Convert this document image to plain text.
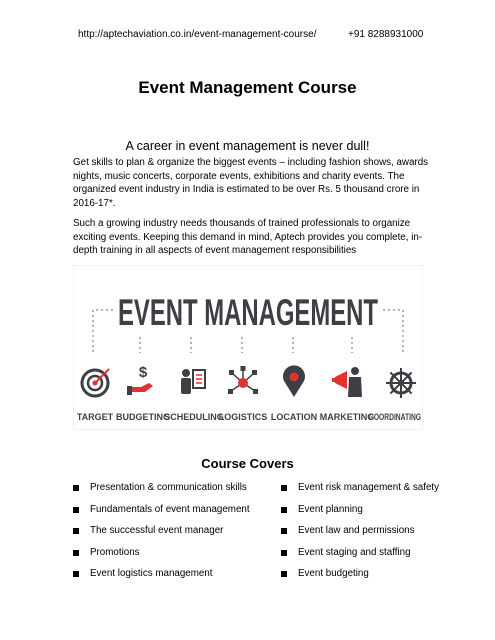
http://aptechaviation.co.in/event-management-course/	+91 8288931000
Event Management Course

A career in event management is never dull!

Get skills to plan & organize the biggest events – including fashion shows, awards nights, music concerts, corporate events, exhibitions and charity events. The organized event industry in India is estimated to be over Rs. 5 thousand crore in 2016-17*.

Such a growing industry needs thousands of trained professionals to organize exciting events. Keeping this demand in mind, Aptech provides you complete, in-depth training in all aspects of event management responsibilities

EVENT MANAGEMENT
$
TARGET BUDGETING
SCHEDULING
LOGISTICS LOCATION MARKETING
COORDINATING
Course Covers
Presentation & communication skills
Fundamentals of event management
The successful event manager
Promotions
Event logistics management
Event risk management & safety
Event planning
Event law and permissions
Event staging and staffing
Event budgeting
